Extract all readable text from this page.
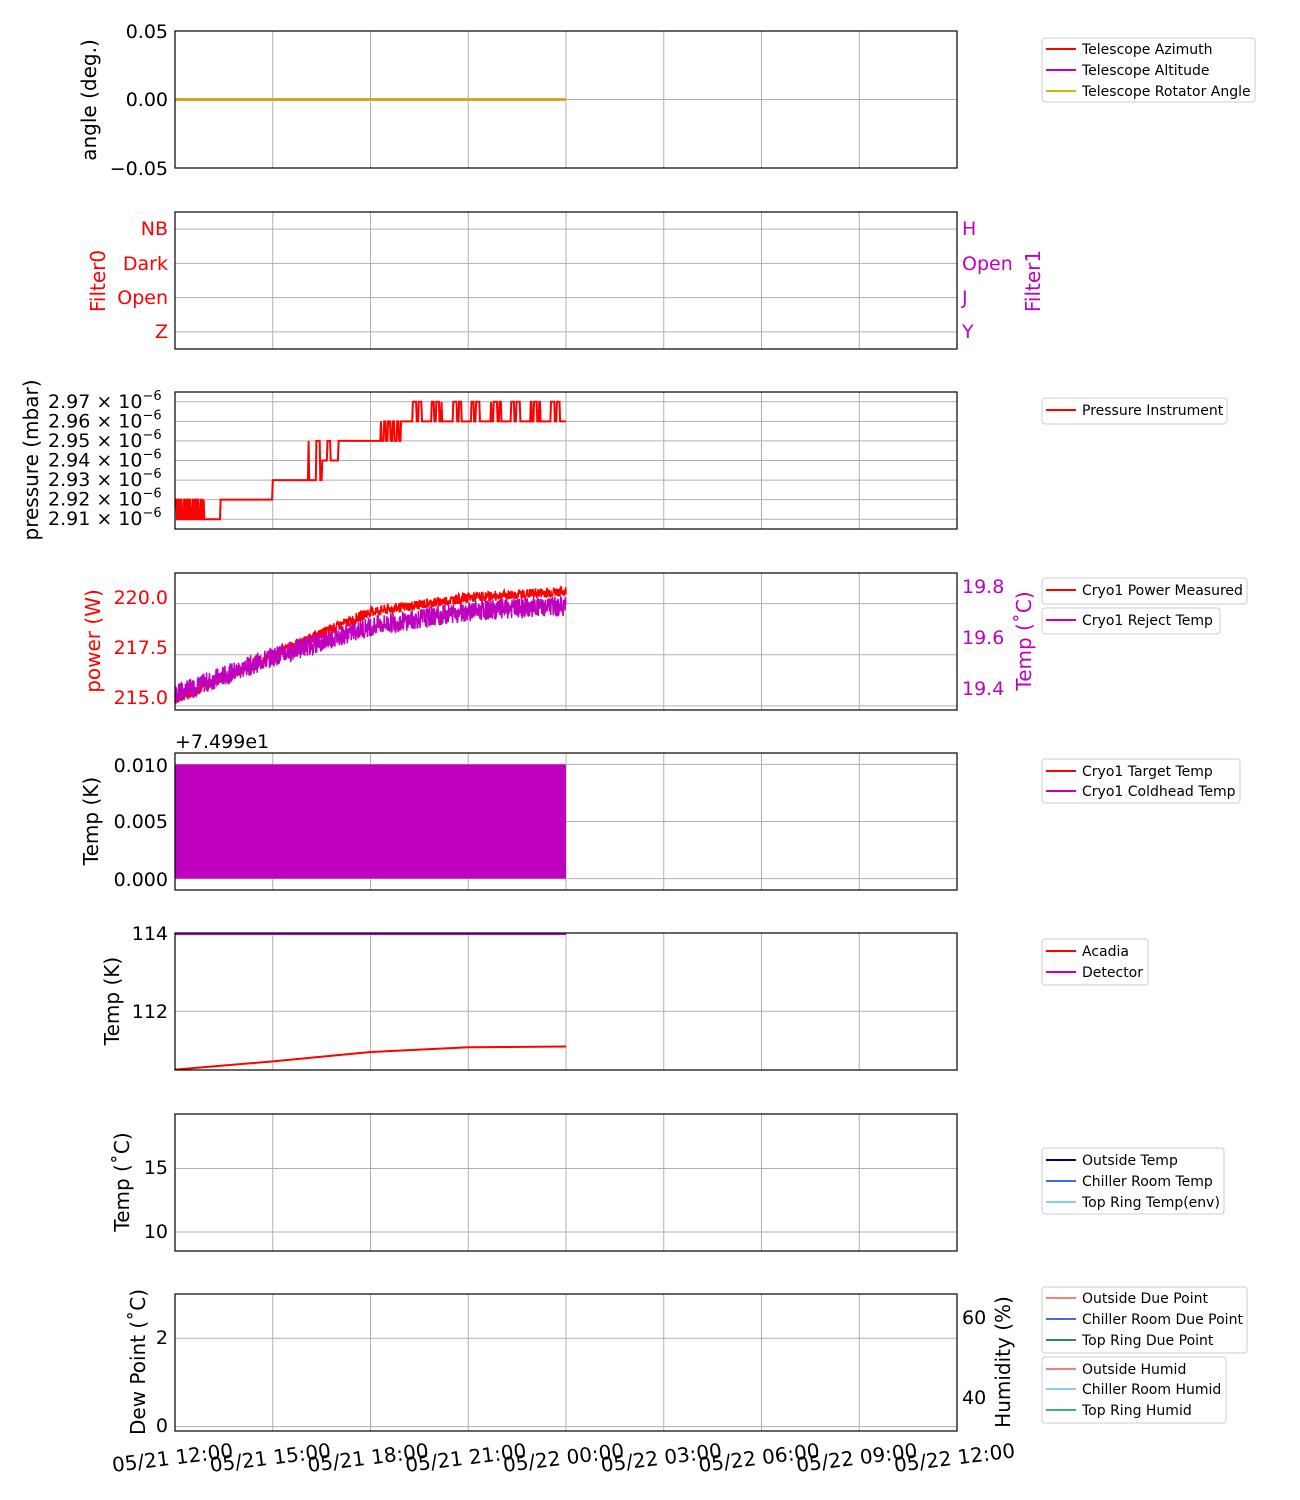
0.05
0.00
−0.05
angle (deg.)	Telescope Azimuth
Telescope Altitude
Telescope Rotator Angle
NB
Dark
Open
Z
Filter0
H
Open
J
Y
Filter1
$2.97 \times 10^{-6}$
$2.96 \times 10^{-6}$
$2.95 \times 10^{-6}$
$2.94 \times 10^{-6}$
$2.93 \times 10^{-6}$
$2.92 \times 10^{-6}$
$2.91 \times 10^{-6}$
pressure (mbar)	Pressure Instrument
220.0
217.5
215.0
power (W)
19.8
19.6
19.4 Temp (˚C)
Cryo1 Power Measured
Cryo1 Reject Temp
+7.499e1
0.010
0.005
0.000
Temp (K)
Cryo1 Target Temp
Cryo1 Coldhead Temp
114
112
Temp (K)
Acadia
Detector
15
10
Temp (˚C)	Outside Temp
Chiller Room Temp
Top Ring Temp(env)
2
0
Dew Point (˚C)	60
40 Humidity (%)	Outside Due Point
Chiller Room Due Point
Top Ring Due Point
Outside Humid
Chiller Room Humid
Top Ring Humid
05/21 12:00
05/21 15:00
05/21 18:00
05/21 21:00
05/22 00:00
05/22 03:00
05/22 06:00
05/22 09:00
05/22 12:00
